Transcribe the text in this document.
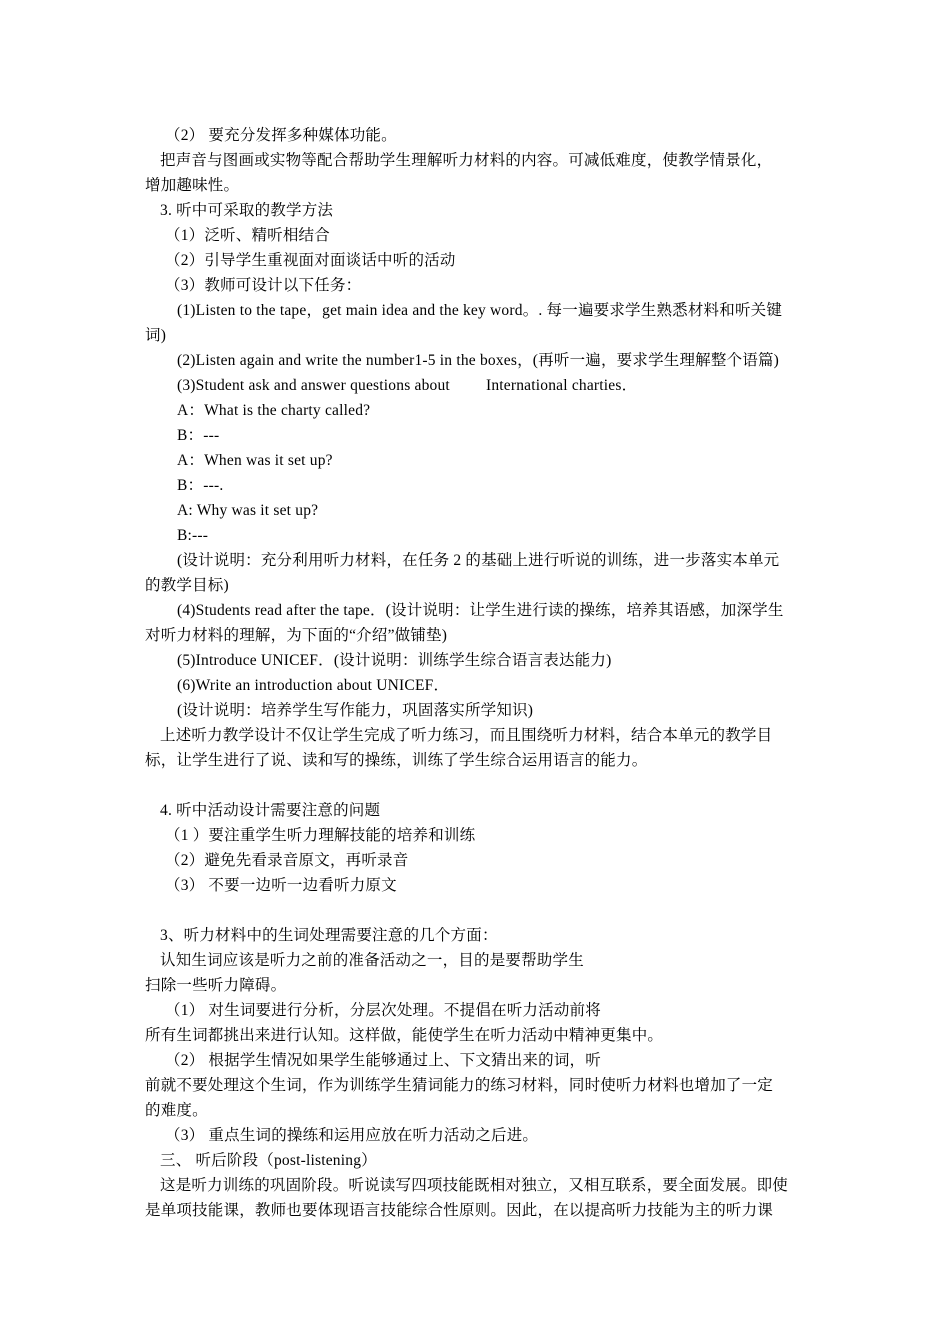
（2） 要充分发挥多种媒体功能。
把声音与图画或实物等配合帮助学生理解听力材料的内容。可减低难度，使教学情景化，
增加趣味性。
3. 听中可采取的教学方法
（1）泛听、精听相结合
（2）引导学生重视面对面谈话中听的活动
（3）教师可设计以下任务：
(1)Listen to the tape，get main idea and the key word。. 每一遍要求学生熟悉材料和听关键
词)
(2)Listen again and write the number1-5 in the boxes，(再听一遍，要求学生理解整个语篇)
(3)Student ask and answer questions about International charties．
A：What is the charty called?
B：---
A：When was it set up?
B：---.
A: Why was it set up?
B:---
(设计说明：充分利用听力材料，在任务 2 的基础上进行听说的训练，进一步落实本单元
的教学目标)
(4)Students read after the tape．(设计说明：让学生进行读的操练，培养其语感，加深学生
对听力材料的理解，为下面的“介绍”做铺垫)
(5)Introduce UNICEF．(设计说明：训练学生综合语言表达能力)
(6)Write an introduction about UNICEF．
(设计说明：培养学生写作能力，巩固落实所学知识)
上述听力教学设计不仅让学生完成了听力练习，而且围绕听力材料，结合本单元的教学目
标，让学生进行了说、读和写的操练，训练了学生综合运用语言的能力。
4. 听中活动设计需要注意的问题
（1 ）要注重学生听力理解技能的培养和训练
（2）避免先看录音原文，再听录音
（3） 不要一边听一边看听力原文
3、听力材料中的生词处理需要注意的几个方面：
认知生词应该是听力之前的准备活动之一，目的是要帮助学生
扫除一些听力障碍。
（1） 对生词要进行分析，分层次处理。不提倡在听力活动前将
所有生词都挑出来进行认知。这样做，能使学生在听力活动中精神更集中。
（2） 根据学生情况如果学生能够通过上、下文猜出来的词，听
前就不要处理这个生词，作为训练学生猜词能力的练习材料，同时使听力材料也增加了一定
的难度。
（3） 重点生词的操练和运用应放在听力活动之后进。
三、 听后阶段（post-listening）
这是听力训练的巩固阶段。听说读写四项技能既相对独立，又相互联系，要全面发展。即使
是单项技能课，教师也要体现语言技能综合性原则。因此，在以提高听力技能为主的听力课
